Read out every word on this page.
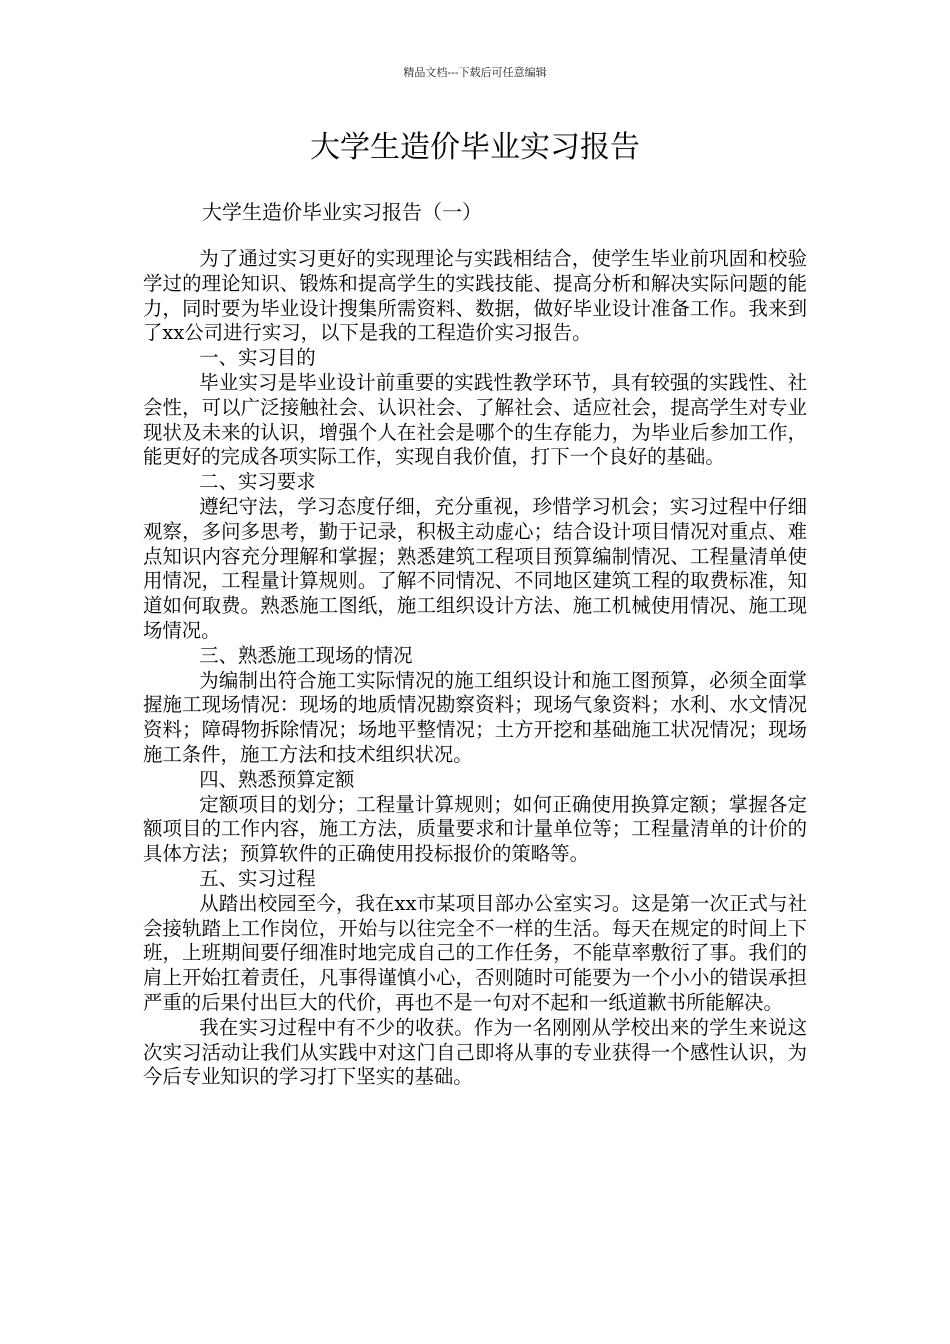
精品文档---下载后可任意编辑
大学生造价毕业实习报告
大学生造价毕业实习报告（一）

为了通过实习更好的实现理论与实践相结合，使学生毕业前巩固和校验学过的理论知识、锻炼和提高学生的实践技能、提高分析和解决实际问题的能力，同时要为毕业设计搜集所需资料、数据，做好毕业设计准备工作。我来到了xx公司进行实习，以下是我的工程造价实习报告。

一、实习目的

毕业实习是毕业设计前重要的实践性教学环节，具有较强的实践性、社会性，可以广泛接触社会、认识社会、了解社会、适应社会，提高学生对专业现状及未来的认识，增强个人在社会是哪个的生存能力，为毕业后参加工作，能更好的完成各项实际工作，实现自我价值，打下一个良好的基础。

二、实习要求

遵纪守法，学习态度仔细，充分重视，珍惜学习机会；实习过程中仔细观察，多问多思考，勤于记录，积极主动虚心；结合设计项目情况对重点、难点知识内容充分理解和掌握；熟悉建筑工程项目预算编制情况、工程量清单使用情况，工程量计算规则。了解不同情况、不同地区建筑工程的取费标准，知道如何取费。熟悉施工图纸，施工组织设计方法、施工机械使用情况、施工现场情况。

三、熟悉施工现场的情况

为编制出符合施工实际情况的施工组织设计和施工图预算，必须全面掌握施工现场情况：现场的地质情况勘察资料；现场气象资料；水利、水文情况资料；障碍物拆除情况；场地平整情况；土方开挖和基础施工状况情况；现场施工条件，施工方法和技术组织状况。

四、熟悉预算定额

定额项目的划分；工程量计算规则；如何正确使用换算定额；掌握各定额项目的工作内容，施工方法，质量要求和计量单位等；工程量清单的计价的具体方法；预算软件的正确使用投标报价的策略等。

五、实习过程

从踏出校园至今，我在xx市某项目部办公室实习。这是第一次正式与社会接轨踏上工作岗位，开始与以往完全不一样的生活。每天在规定的时间上下班，上班期间要仔细准时地完成自己的工作任务，不能草率敷衍了事。我们的肩上开始扛着责任，凡事得谨慎小心，否则随时可能要为一个小小的错误承担严重的后果付出巨大的代价，再也不是一句对不起和一纸道歉书所能解决。

我在实习过程中有不少的收获。作为一名刚刚从学校出来的学生来说这次实习活动让我们从实践中对这门自己即将从事的专业获得一个感性认识，为今后专业知识的学习打下坚实的基础。
